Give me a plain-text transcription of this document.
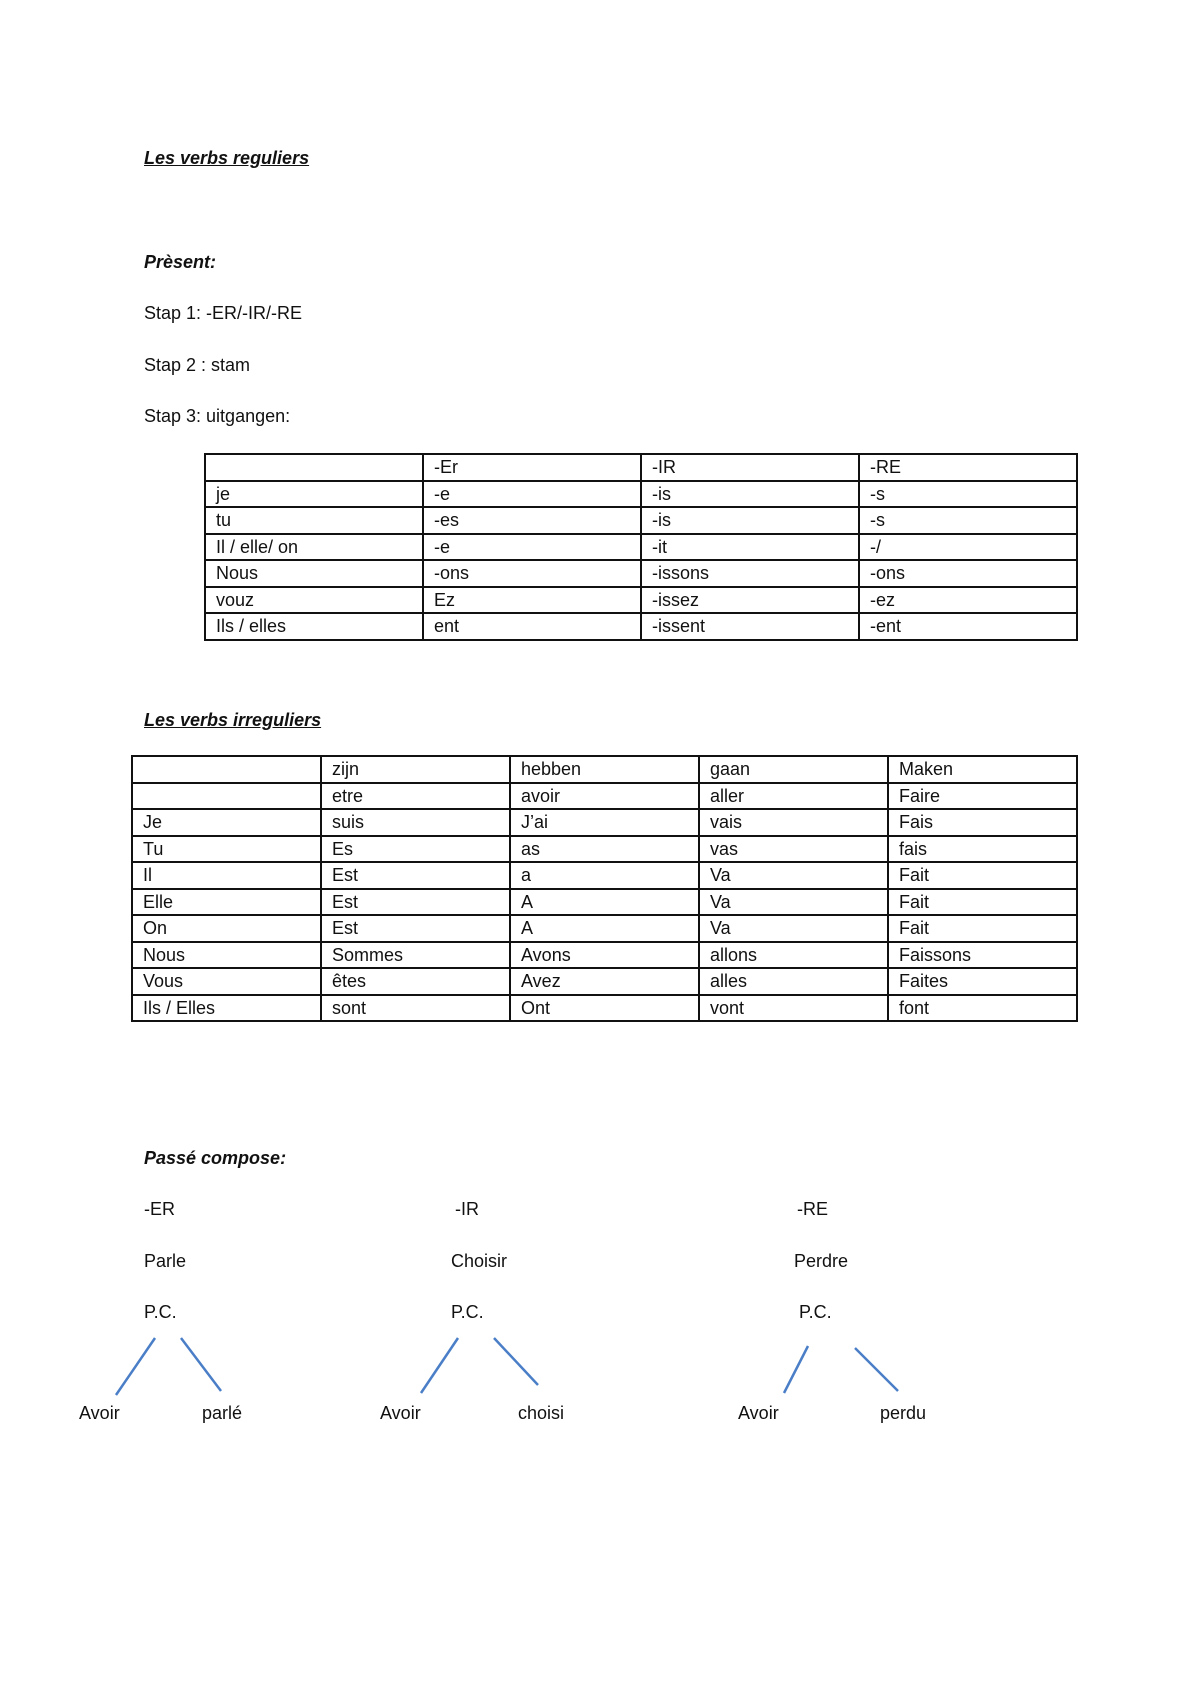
Les verbs reguliers
Prèsent:
Stap 1: -ER/-IR/-RE
Stap 2 : stam
Stap 3: uitgangen:
	-Er	-IR	-RE
je	-e	-is	-s
tu	-es	-is	-s
Il / elle/ on	-e	-it	-/
Nous	-ons	-issons	-ons
vouz	Ez	-issez	-ez
Ils / elles	ent	-issent	-ent
Les verbs irreguliers
	zijn	hebben	gaan	Maken
	etre	avoir	aller	Faire
Je	suis	J’ai	vais	Fais
Tu	Es	as	vas	fais
Il	Est	a	Va	Fait
Elle	Est	A	Va	Fait
On	Est	A	Va	Fait
Nous	Sommes	Avons	allons	Faissons
Vous	êtes	Avez	alles	Faites
Ils / Elles	sont	Ont	vont	font
Passé compose:
-ER
Parle
P.C.
Avoir	parlé
-IR
Choisir
P.C.
Avoir	choisi
-RE
Perdre
P.C.
Avoir	perdu
